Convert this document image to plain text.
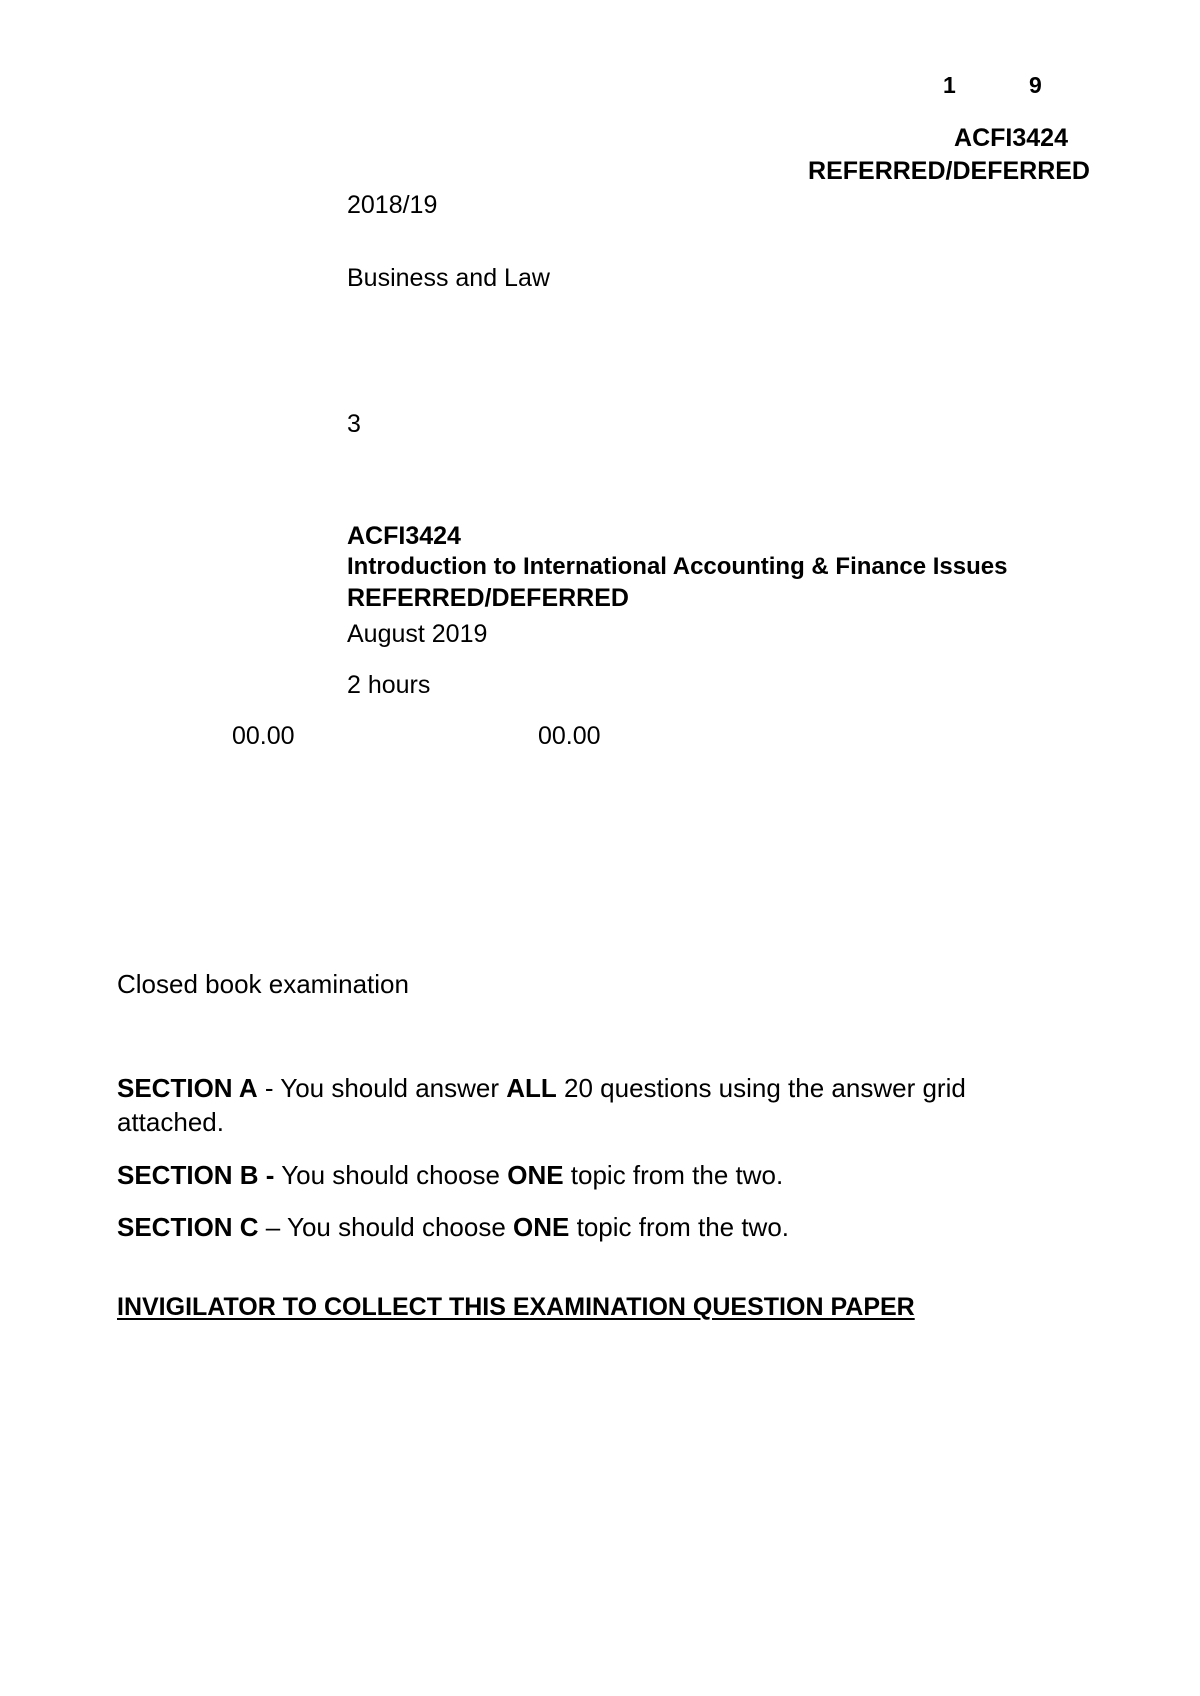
1	9
ACFI3424
REFERRED/DEFERRED
2018/19
Business and Law
3
ACFI3424
Introduction to International Accounting & Finance Issues
REFERRED/DEFERRED
August 2019
2 hours
00.00	00.00
Closed book examination
SECTION A - You should answer ALL 20 questions using the answer grid attached.
SECTION B - You should choose ONE topic from the two.
SECTION C – You should choose ONE topic from the two.
INVIGILATOR TO COLLECT THIS EXAMINATION QUESTION PAPER
